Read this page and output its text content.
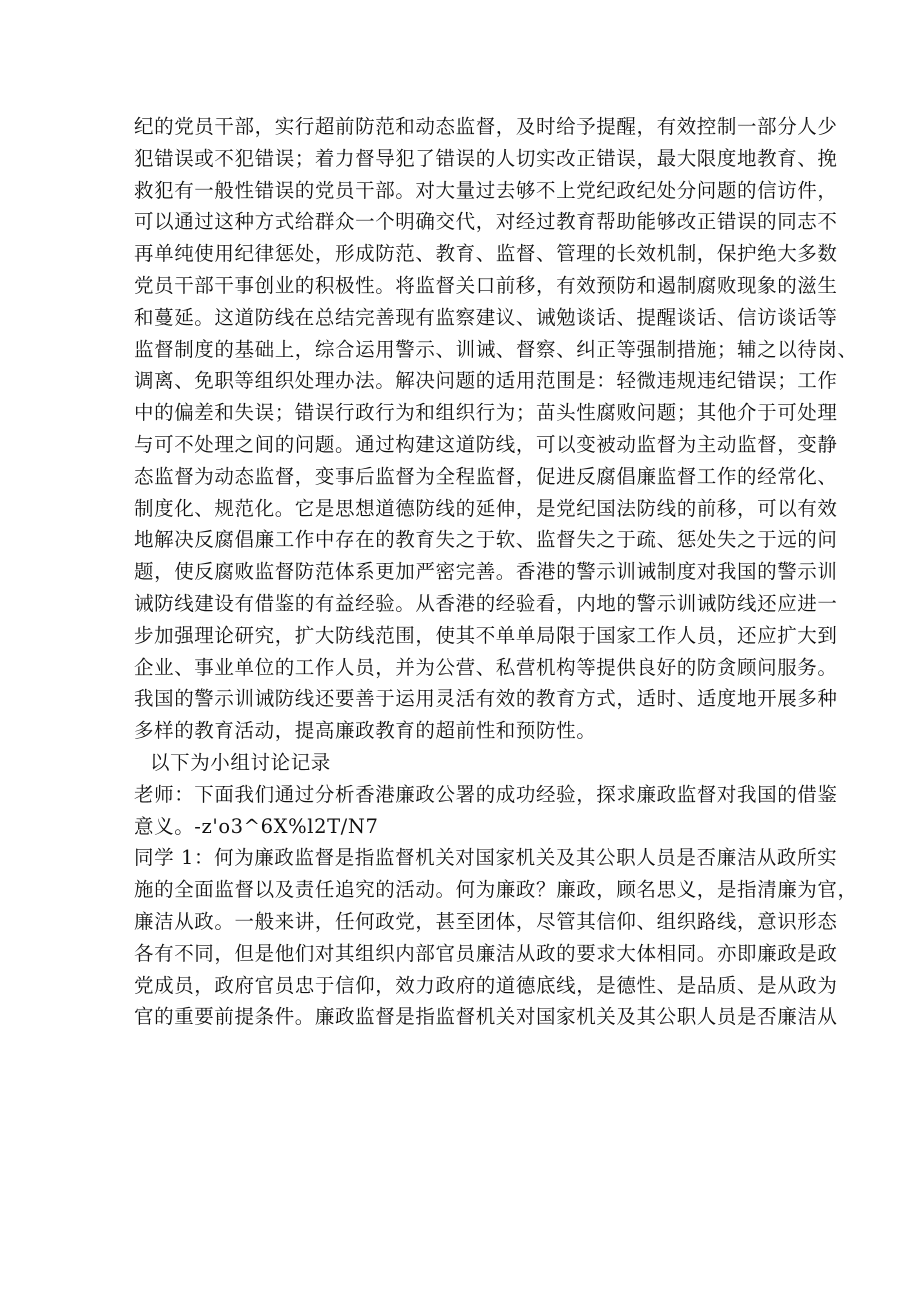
纪的党员干部，实行超前防范和动态监督，及时给予提醒，有效控制一部分人少
犯错误或不犯错误；着力督导犯了错误的人切实改正错误，最大限度地教育、挽
救犯有一般性错误的党员干部。对大量过去够不上党纪政纪处分问题的信访件，
可以通过这种方式给群众一个明确交代，对经过教育帮助能够改正错误的同志不
再单纯使用纪律惩处，形成防范、教育、监督、管理的长效机制，保护绝大多数
党员干部干事创业的积极性。将监督关口前移，有效预防和遏制腐败现象的滋生
和蔓延。这道防线在总结完善现有监察建议、诫勉谈话、提醒谈话、信访谈话等
监督制度的基础上，综合运用警示、训诫、督察、纠正等强制措施；辅之以待岗、
调离、免职等组织处理办法。解决问题的适用范围是：轻微违规违纪错误；工作
中的偏差和失误；错误行政行为和组织行为；苗头性腐败问题；其他介于可处理
与可不处理之间的问题。通过构建这道防线，可以变被动监督为主动监督，变静
态监督为动态监督，变事后监督为全程监督，促进反腐倡廉监督工作的经常化、
制度化、规范化。它是思想道德防线的延伸，是党纪国法防线的前移，可以有效
地解决反腐倡廉工作中存在的教育失之于软、监督失之于疏、惩处失之于远的问
题，使反腐败监督防范体系更加严密完善。香港的警示训诫制度对我国的警示训
诫防线建设有借鉴的有益经验。从香港的经验看，内地的警示训诫防线还应进一
步加强理论研究，扩大防线范围，使其不单单局限于国家工作人员，还应扩大到
企业、事业单位的工作人员，并为公营、私营机构等提供良好的防贪顾问服务。
我国的警示训诫防线还要善于运用灵活有效的教育方式，适时、适度地开展多种
多样的教育活动，提高廉政教育的超前性和预防性。
以下为小组讨论记录
老师：下面我们通过分析香港廉政公署的成功经验，探求廉政监督对我国的借鉴
意义。-z'o3^6X%l2T/N7
同学 1：何为廉政监督是指监督机关对国家机关及其公职人员是否廉洁从政所实
施的全面监督以及责任追究的活动。何为廉政？廉政，顾名思义，是指清廉为官，
廉洁从政。一般来讲，任何政党，甚至团体，尽管其信仰、组织路线，意识形态
各有不同，但是他们对其组织内部官员廉洁从政的要求大体相同。亦即廉政是政
党成员，政府官员忠于信仰，效力政府的道德底线，是德性、是品质、是从政为
官的重要前提条件。廉政监督是指监督机关对国家机关及其公职人员是否廉洁从
